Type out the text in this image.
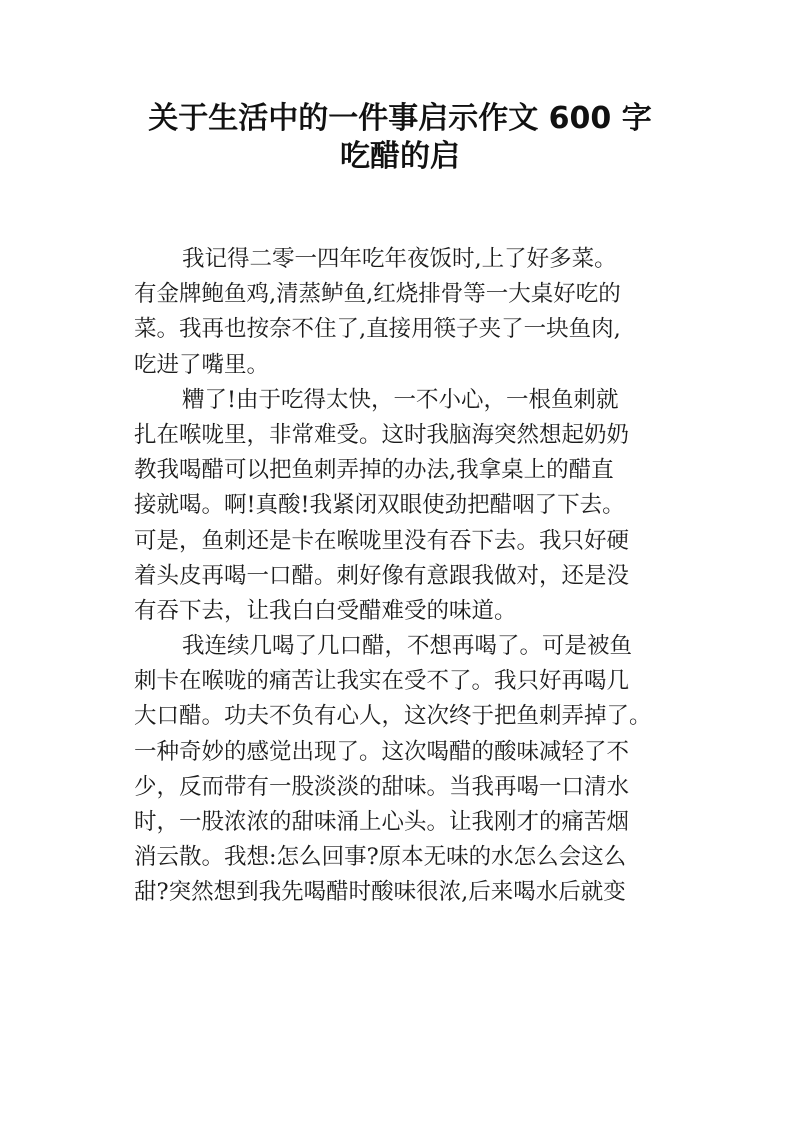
关于生活中的一件事启示作文 600 字
吃醋的启
我记得二零一四年吃年夜饭时,上了好多菜。
有金牌鲍鱼鸡,清蒸鲈鱼,红烧排骨等一大桌好吃的
菜。我再也按奈不住了,直接用筷子夹了一块鱼肉,
吃进了嘴里。
糟了!由于吃得太快，一不小心，一根鱼刺就
扎在喉咙里，非常难受。这时我脑海突然想起奶奶
教我喝醋可以把鱼刺弄掉的办法,我拿桌上的醋直
接就喝。啊!真酸!我紧闭双眼使劲把醋咽了下去。
可是，鱼刺还是卡在喉咙里没有吞下去。我只好硬
着头皮再喝一口醋。刺好像有意跟我做对，还是没
有吞下去，让我白白受醋难受的味道。
我连续几喝了几口醋，不想再喝了。可是被鱼
刺卡在喉咙的痛苦让我实在受不了。我只好再喝几
大口醋。功夫不负有心人，这次终于把鱼刺弄掉了。
一种奇妙的感觉出现了。这次喝醋的酸味减轻了不
少，反而带有一股淡淡的甜味。当我再喝一口清水
时，一股浓浓的甜味涌上心头。让我刚才的痛苦烟
消云散。我想:怎么回事?原本无味的水怎么会这么
甜?突然想到我先喝醋时酸味很浓,后来喝水后就变
